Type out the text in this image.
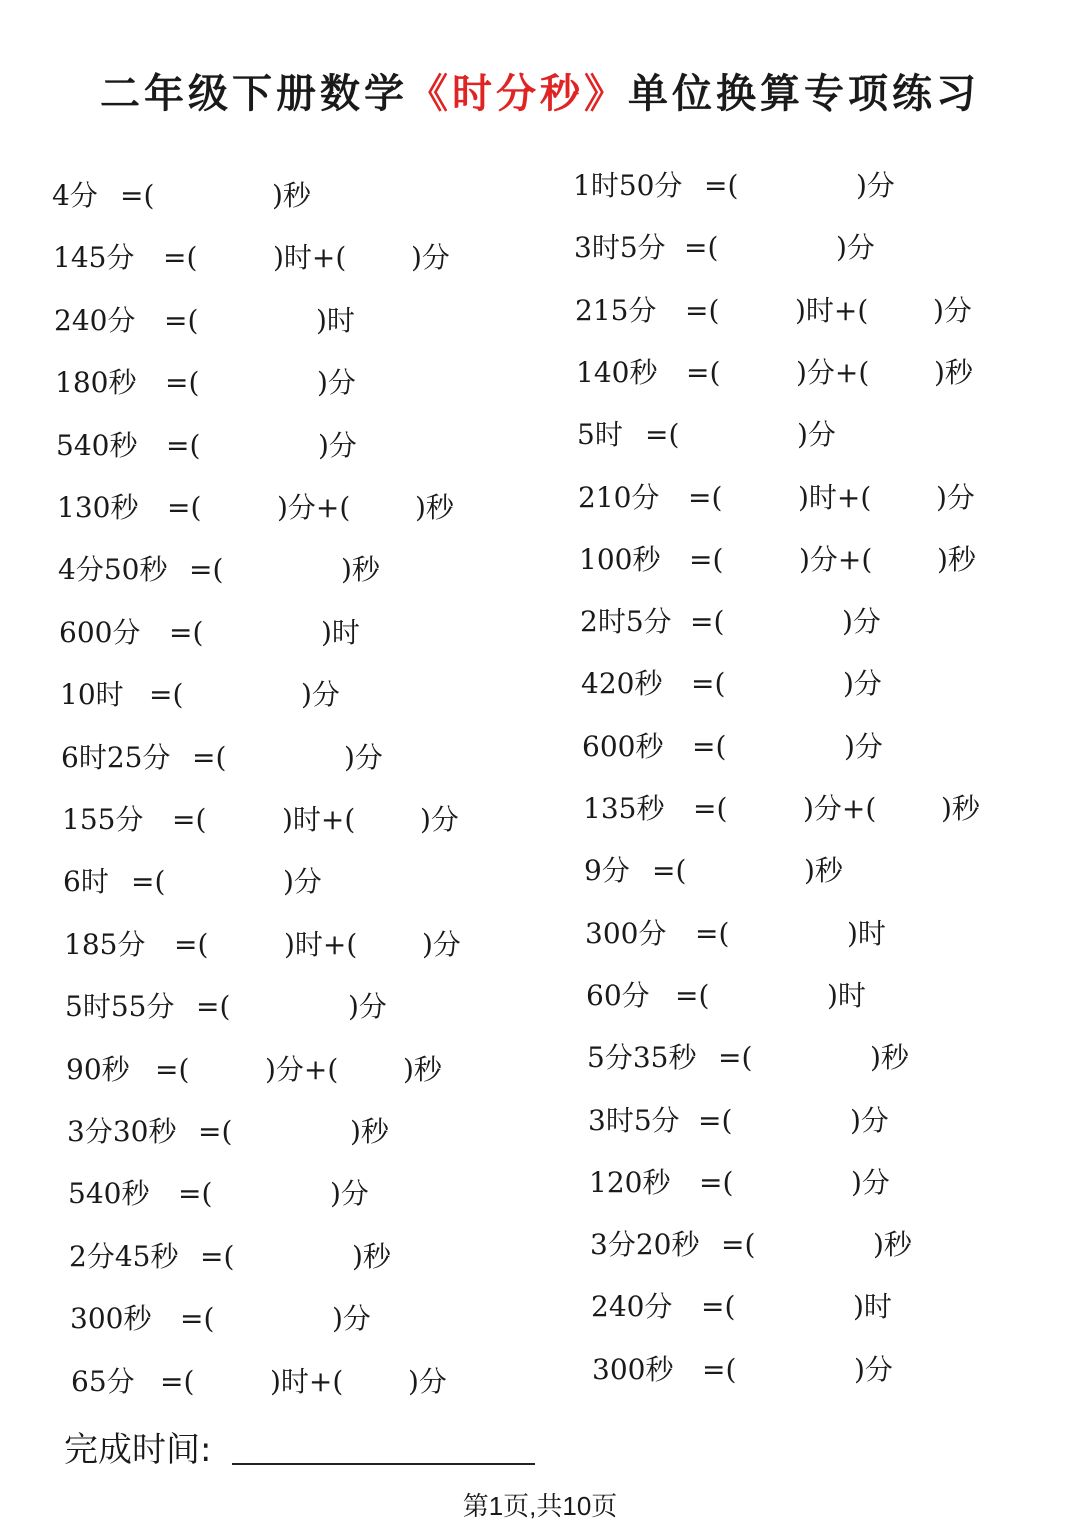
二年级下册数学《时分秒》单位换算专项练习
4分 =(	)秒
145分 =(	)时+( )分
240分 =(	)时
180秒 =(	)分
540秒 =(	)分
130秒 =(	)分+( )秒
4分50秒 =(	)秒
600分 =(	)时
10时 =(	)分
6时25分 =(	)分
155分 =(	)时+( )分
6时 =(	)分
185分 =(	)时+( )分
5时55分 =(	)分
90秒 =(	)分+( )秒
3分30秒 =(	)秒
540秒 =(	)分
2分45秒 =(	)秒
300秒 =(	)分
65分 =(	)时+( )分
1时50分 =(	)分
3时5分 =(	)分
215分 =(	)时+( )分
140秒 =(	)分+( )秒
5时 =(	)分
210分 =(	)时+( )分
100秒 =(	)分+( )秒
2时5分 =(	)分
420秒 =(	)分
600秒 =(	)分
135秒 =(	)分+( )秒
9分 =(	)秒
300分 =(	)时
60分 =(	)时
5分35秒 =(	)秒
3时5分 =(	)分
120秒 =(	)分
3分20秒 =(	)秒
240分 =(	)时
300秒 =(	)分
完成时间:
第1页,共10页
